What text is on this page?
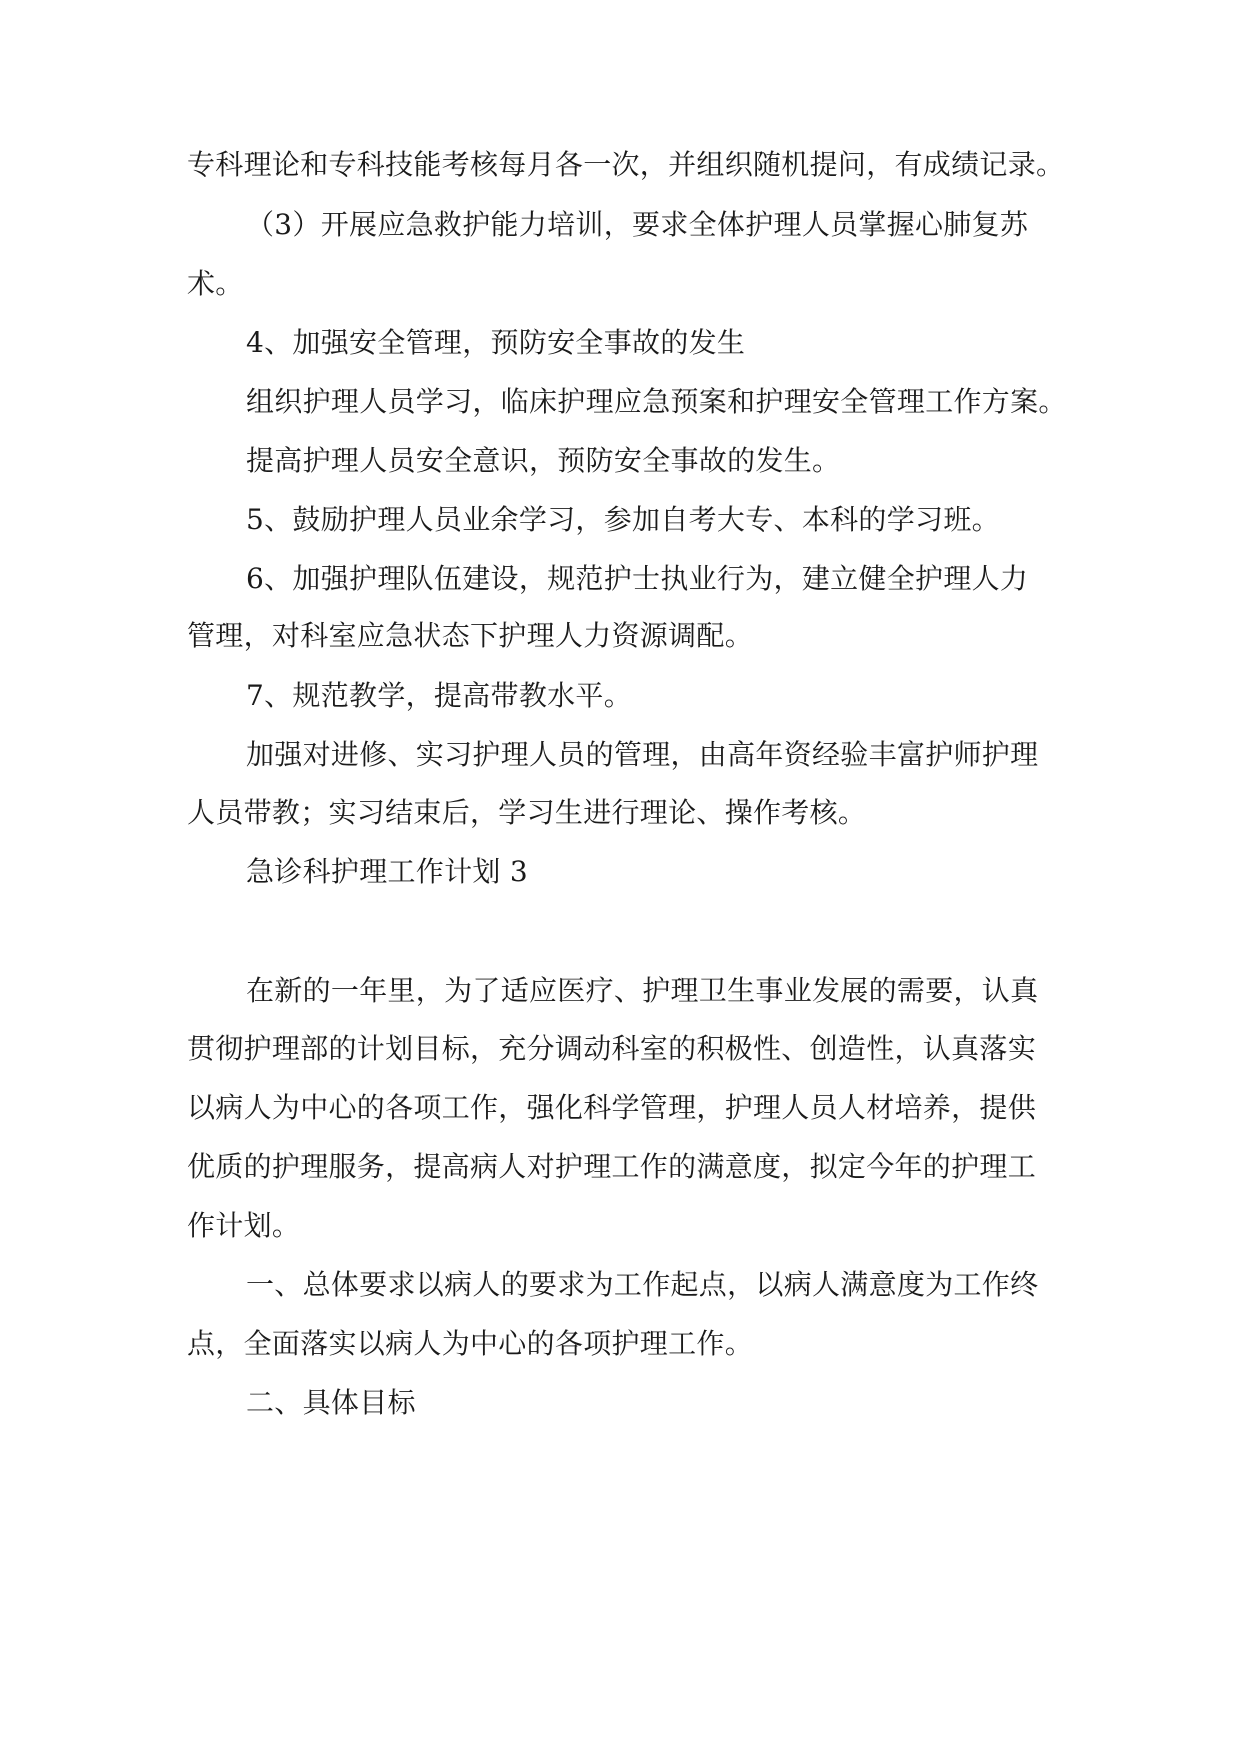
专科理论和专科技能考核每月各一次，并组织随机提问，有成绩记录。
（3）开展应急救护能力培训，要求全体护理人员掌握心肺复苏
术。
4、加强安全管理，预防安全事故的发生
组织护理人员学习，临床护理应急预案和护理安全管理工作方案。
提高护理人员安全意识，预防安全事故的发生。
5、鼓励护理人员业余学习，参加自考大专、本科的学习班。
6、加强护理队伍建设，规范护士执业行为，建立健全护理人力
管理，对科室应急状态下护理人力资源调配。
7、规范教学，提高带教水平。
加强对进修、实习护理人员的管理，由高年资经验丰富护师护理
人员带教；实习结束后，学习生进行理论、操作考核。
急诊科护理工作计划 3
在新的一年里，为了适应医疗、护理卫生事业发展的需要，认真
贯彻护理部的计划目标，充分调动科室的积极性、创造性，认真落实
以病人为中心的各项工作，强化科学管理，护理人员人材培养，提供
优质的护理服务，提高病人对护理工作的满意度，拟定今年的护理工
作计划。
一、总体要求以病人的要求为工作起点，以病人满意度为工作终
点，全面落实以病人为中心的各项护理工作。
二、具体目标
